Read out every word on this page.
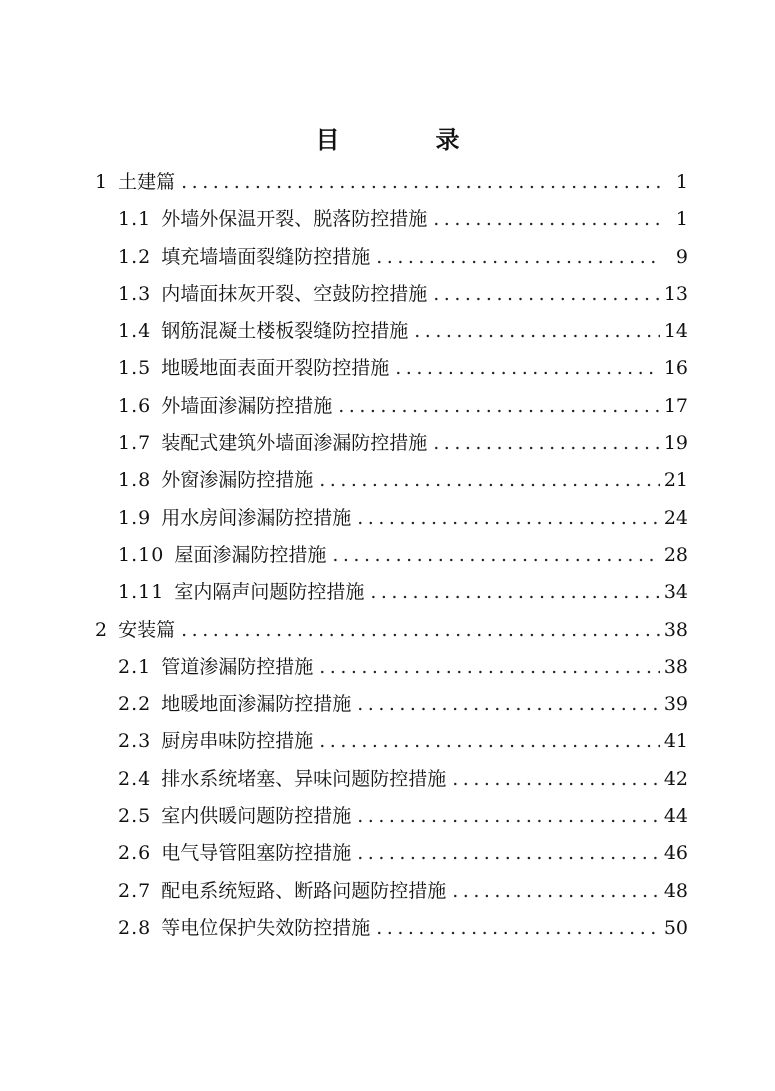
目　录
1 土建篇 .....	1
1.1 外墙外保温开裂、脱落防控措施 .....	1
1.2 填充墙墙面裂缝防控措施 .....	9
1.3 内墙面抹灰开裂、空鼓防控措施 .....	13
1.4 钢筋混凝土楼板裂缝防控措施 .....	14
1.5 地暖地面表面开裂防控措施 .....	16
1.6 外墙面渗漏防控措施 .....	17
1.7 装配式建筑外墙面渗漏防控措施 .....	19
1.8 外窗渗漏防控措施 .....	21
1.9 用水房间渗漏防控措施 .....	24
1.10 屋面渗漏防控措施 .....	28
1.11 室内隔声问题防控措施 .....	34
2 安装篇 .....	38
2.1 管道渗漏防控措施 .....	38
2.2 地暖地面渗漏防控措施 .....	39
2.3 厨房串味防控措施 .....	41
2.4 排水系统堵塞、异味问题防控措施 .....	42
2.5 室内供暖问题防控措施 .....	44
2.6 电气导管阻塞防控措施 .....	46
2.7 配电系统短路、断路问题防控措施 .....	48
2.8 等电位保护失效防控措施 .....	50
